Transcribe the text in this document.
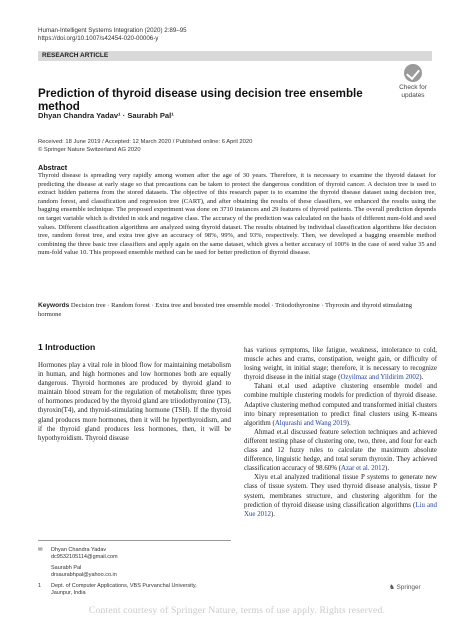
Human-Intelligent Systems Integration (2020) 2:89–95
https://doi.org/10.1007/s42454-020-00006-y
RESEARCH ARTICLE
Check for
updates
Prediction of thyroid disease using decision tree ensemble method
Dhyan Chandra Yadav¹ · Saurabh Pal¹
Received: 18 June 2019 / Accepted: 12 March 2020 / Published online: 6 April 2020
© Springer Nature Switzerland AG 2020
Abstract
Thyroid disease is spreading very rapidly among women after the age of 30 years. Therefore, it is necessary to examine the thyroid dataset for predicting the disease at early stage so that precautions can be taken to protect the dangerous condition of thyroid cancer. A decision tree is used to extract hidden patterns from the stored datasets. The objective of this research paper is to examine the thyroid disease dataset using decision tree, random forest, and classification and regression tree (CART), and after obtaining the results of these classifiers, we enhanced the results using the bagging ensemble technique. The proposed experiment was done on 3710 instances and 29 features of thyroid patients. The overall prediction depends on target variable which is divided in sick and negative class. The accuracy of the prediction was calculated on the basis of different num-fold and seed values. Different classification algorithms are analyzed using thyroid dataset. The results obtained by individual classification algorithms like decision tree, random forest tree, and extra tree give an accuracy of 98%, 99%, and 93%, respectively. Then, we developed a bagging ensemble method combining the three basic tree classifiers and apply again on the same dataset, which gives a better accuracy of 100% in the case of seed value 35 and num-fold value 10. This proposed ensemble method can be used for better prediction of thyroid disease.
Keywords Decision tree · Random forest · Extra tree and boosted tree ensemble model · Triiodothyronine · Thyroxin and thyroid stimulating hormone
1 Introduction

Hormones play a vital role in blood flow for maintaining metabolism in human, and high hormones and low hormones both are equally dangerous. Thyroid hormones are produced by thyroid gland to maintain blood stream for the regulation of metabolism; three types of hormones produced by the thyroid gland are triiodothyronine (T3), thyroxin(T4), and thyroid-stimulating hormone (TSH). If the thyroid gland produces more hormones, then it will be hyperthyroidism, and if the thyroid gland produces less hormones, then, it will be hypothyroidism. Thyroid disease

has various symptoms, like fatigue, weakness, intolerance to cold, muscle aches and crams, constipation, weight gain, or difficulty of losing weight, in initial stage; therefore, it is necessary to recognize thyroid disease in the initial stage (Ozyilmaz and Yildirim 2002).

Tahani et.al used adaptive clustering ensemble model and combine multiple clustering models for prediction of thyroid disease. Adaptive clustering method computed and transformed initial clusters into binary representation to predict final clusters using K-means algorithm (Alqurashi and Wang 2019).

Ahmad et.al discussed feature selection techniques and achieved different testing phase of clustering one, two, three, and four for each class and 12 fuzzy rules to calculate the maximum absolute difference, linguistic hedge, and total serum thyroxin. They achieved classification accuracy of 98.60% (Azar et al. 2012).

Xiyu et.al analyzed traditional tissue P systems to generate new class of tissue system. They used thyroid disease analysis, tissue P system, membranes structure, and clustering algorithm for the prediction of thyroid disease using classification algorithms (Liu and Xue 2012).

✉ Dhyan Chandra Yadav
dc9532105114@gmail.com
Saurabh Pal
drsaurabhpal@yahoo.co.in
1 Dept. of Computer Applications, VBS Purvanchal University,
Jaunpur, India
♞ Springer
Content courtesy of Springer Nature, terms of use apply. Rights reserved.
